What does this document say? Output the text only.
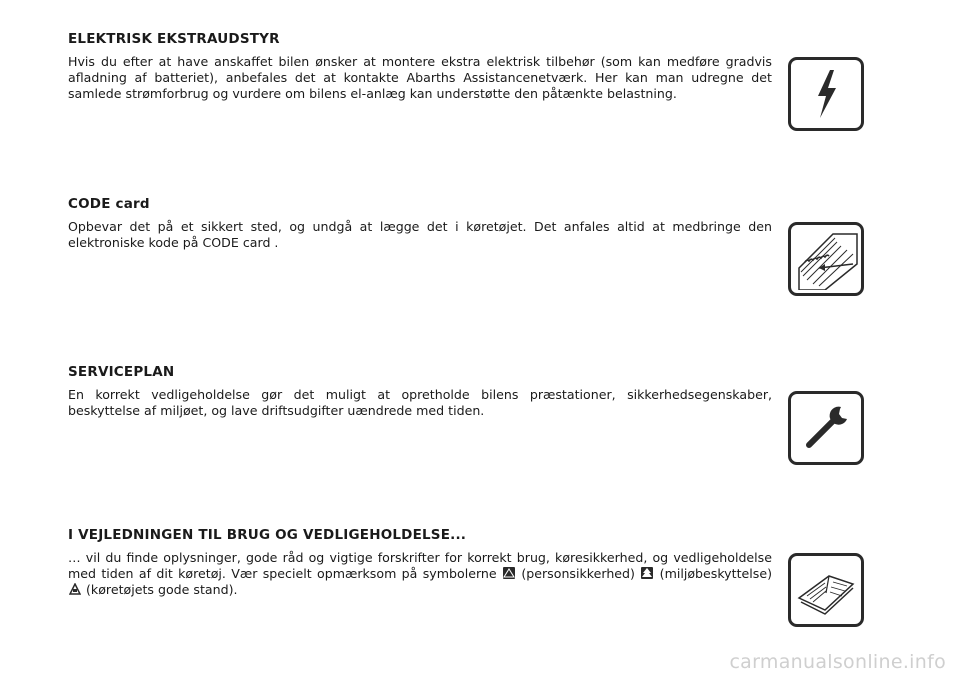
ELEKTRISK EKSTRAUDSTYR

Hvis du efter at have anskaffet bilen ønsker at montere ekstra elektrisk tilbehør (som kan medføre gradvis afladning af batteriet), anbefales det at kontakte Abarths Assistancenetværk. Her kan man udregne det samlede strømforbrug og vurdere om bilens el-anlæg kan understøtte den påtænkte belastning.

CODE card

Opbevar det på et sikkert sted, og undgå at lægge det i køretøjet. Det anfales altid at medbringe den elektroniske kode på CODE card .

SERVICEPLAN

En korrekt vedligeholdelse gør det muligt at opretholde bilens præstationer, sikkerhedsegenskaber, beskyttelse af miljøet, og lave driftsudgifter uændrede med tiden.

I VEJLEDNINGEN TIL BRUG OG VEDLIGEHOLDELSE...

… vil du finde oplysninger, gode råd og vigtige forskrifter for korrekt brug, køresikkerhed, og vedligeholdelse med tiden af dit køretøj. Vær specielt opmærksom på symbolerne
(personsikkerhed)
(miljøbeskyttelse)
(køretøjets gode stand).

carmanualsonline.info
